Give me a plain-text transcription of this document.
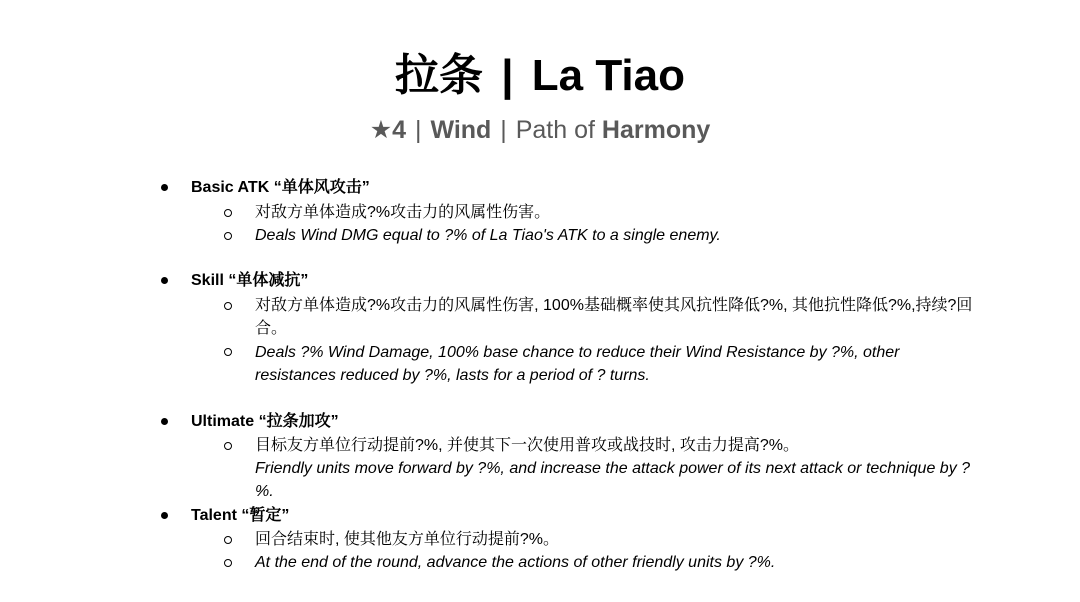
拉条 | La Tiao
★4 | Wind | Path of Harmony
Basic ATK “单体风攻击”
对敌方单体造成?%攻击力的风属性伤害。
Deals Wind DMG equal to ?% of La Tiao's ATK to a single enemy.
Skill “单体减抗”
对敌方单体造成?%攻击力的风属性伤害, 100%基础概率使其风抗性降低?%, 其他抗性降低?%,持续?回合。
Deals ?% Wind Damage, 100% base chance to reduce their Wind Resistance by ?%, other resistances reduced by ?%, lasts for a period of ? turns.
Ultimate “拉条加攻”
目标友方单位行动提前?%, 并使其下一次使用普攻或战技时, 攻击力提高?%。
Friendly units move forward by ?%, and increase the attack power of its next attack or technique by ?%.
Talent “暂定”
回合结束时, 使其他友方单位行动提前?%。
At the end of the round, advance the actions of other friendly units by ?%.
